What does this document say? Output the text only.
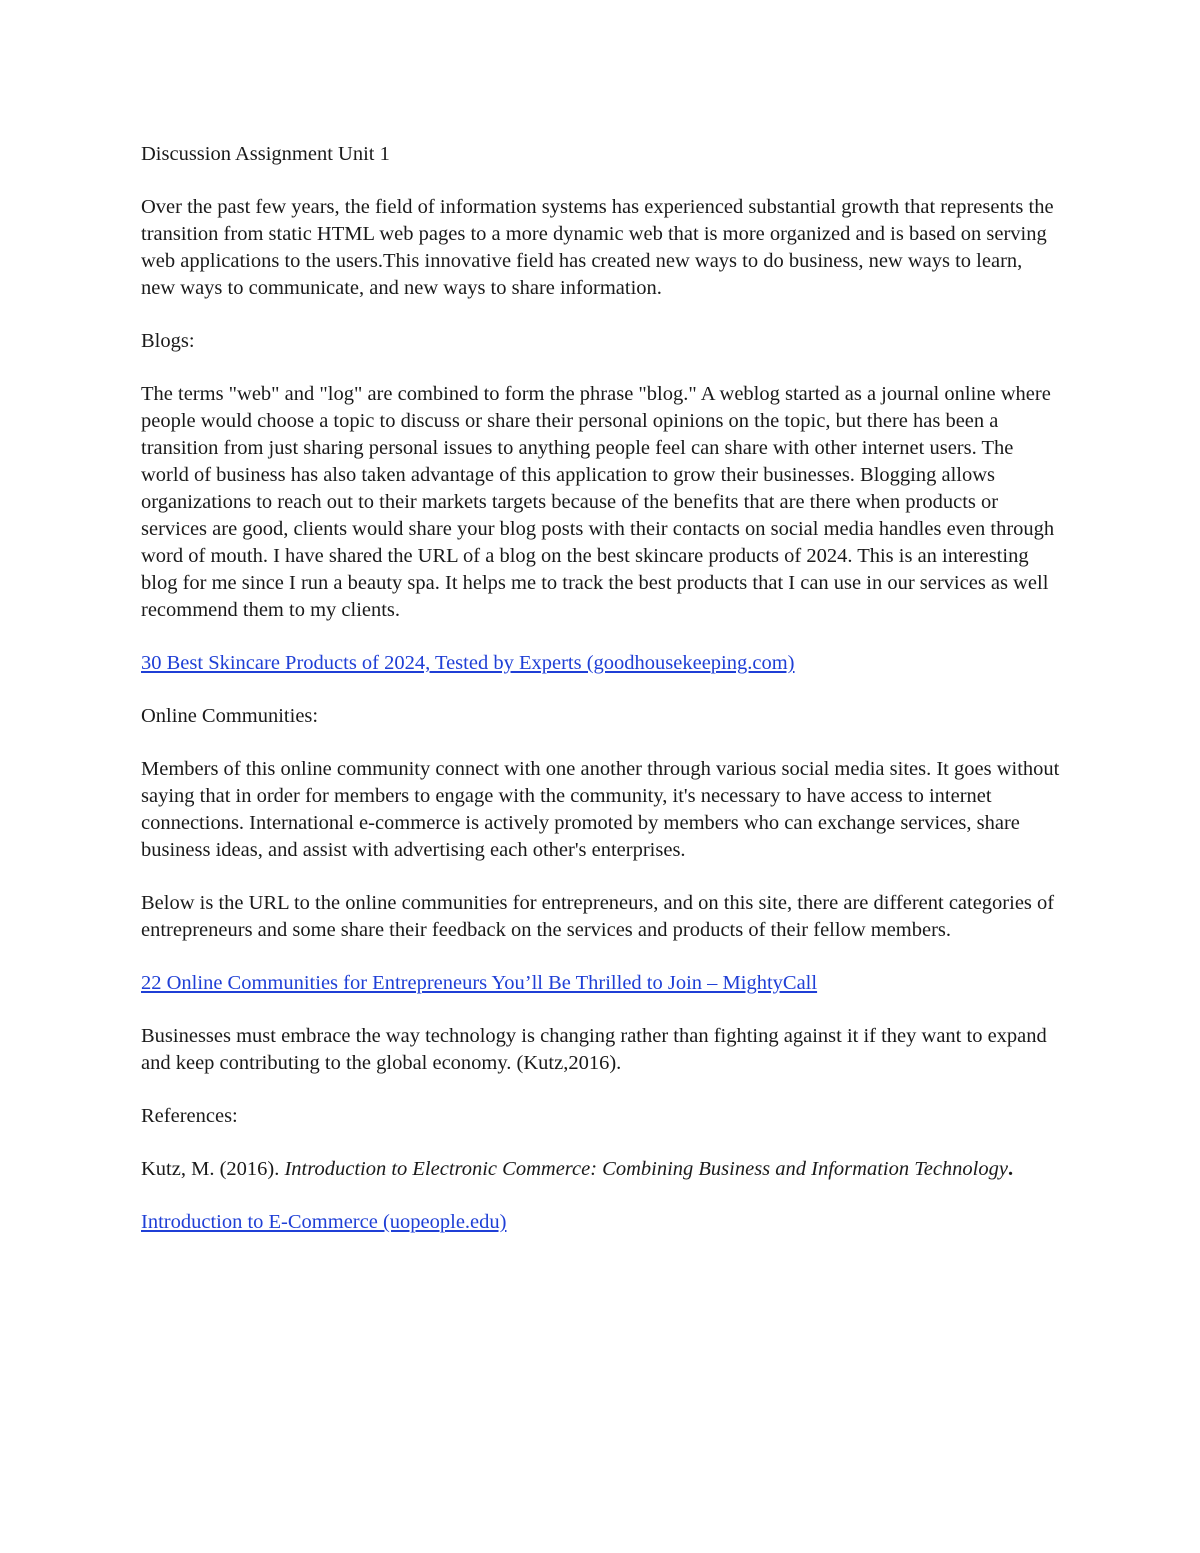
Discussion Assignment Unit 1

Over the past few years, the field of information systems has experienced substantial growth that represents the transition from static HTML web pages to a more dynamic web that is more organized and is based on serving web applications to the users.This innovative field has created new ways to do business, new ways to learn, new ways to communicate, and new ways to share information.

Blogs:

The terms "web" and "log" are combined to form the phrase "blog." A weblog started as a journal online where people would choose a topic to discuss or share their personal opinions on the topic, but there has been a transition from just sharing personal issues to anything people feel can share with other internet users. The world of business has also taken advantage of this application to grow their businesses. Blogging allows organizations to reach out to their markets targets because of the benefits that are there when products or services are good, clients would share your blog posts with their contacts on social media handles even through word of mouth. I have shared the URL of a blog on the best skincare products of 2024. This is an interesting blog for me since I run a beauty spa. It helps me to track the best products that I can use in our services as well recommend them to my clients.

30 Best Skincare Products of 2024, Tested by Experts (goodhousekeeping.com)

Online Communities:

Members of this online community connect with one another through various social media sites. It goes without saying that in order for members to engage with the community, it's necessary to have access to internet connections. International e-commerce is actively promoted by members who can exchange services, share business ideas, and assist with advertising each other's enterprises.

Below is the URL to the online communities for entrepreneurs, and on this site, there are different categories of entrepreneurs and some share their feedback on the services and products of their fellow members.

22 Online Communities for Entrepreneurs You’ll Be Thrilled to Join – MightyCall

Businesses must embrace the way technology is changing rather than fighting against it if they want to expand and keep contributing to the global economy. (Kutz,2016).

References:

Kutz, M. (2016). Introduction to Electronic Commerce: Combining Business and Information Technology.

Introduction to E-Commerce (uopeople.edu)
